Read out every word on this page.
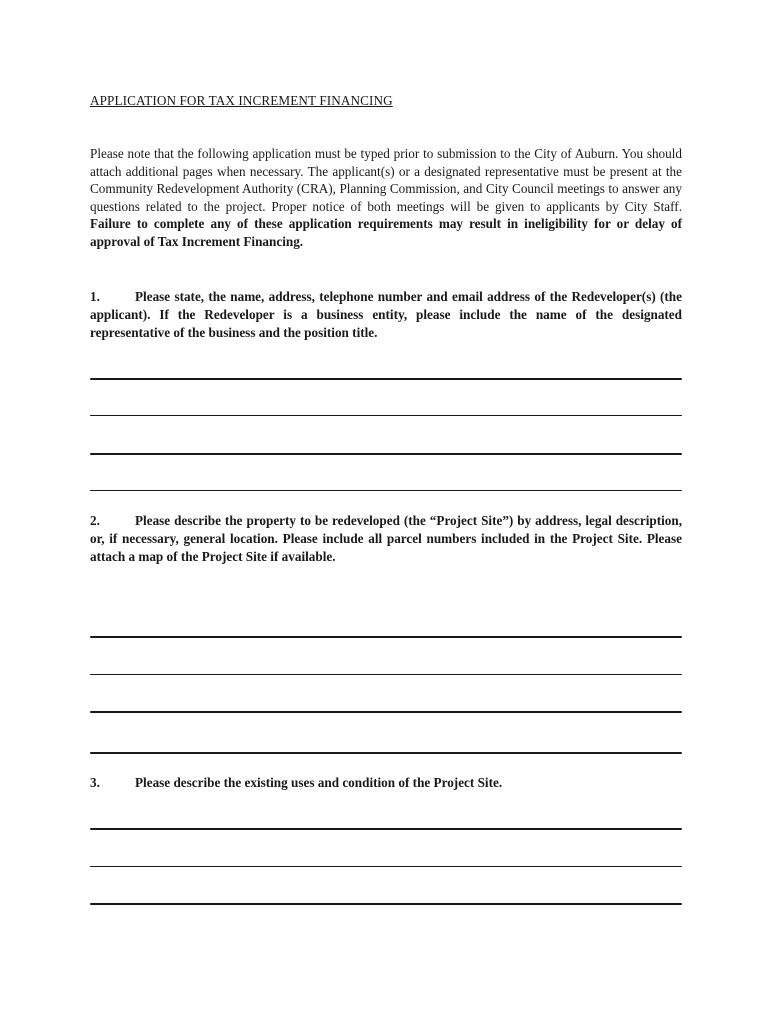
APPLICATION FOR TAX INCREMENT FINANCING
Please note that the following application must be typed prior to submission to the City of Auburn. You should attach additional pages when necessary. The applicant(s) or a designated representative must be present at the Community Redevelopment Authority (CRA), Planning Commission, and City Council meetings to answer any questions related to the project. Proper notice of both meetings will be given to applicants by City Staff. Failure to complete any of these application requirements may result in ineligibility for or delay of approval of Tax Increment Financing.
1.	Please state, the name, address, telephone number and email address of the Redeveloper(s) (the applicant). If the Redeveloper is a business entity, please include the name of the designated representative of the business and the position title.
2.	Please describe the property to be redeveloped (the “Project Site”) by address, legal description, or, if necessary, general location. Please include all parcel numbers included in the Project Site. Please attach a map of the Project Site if available.
3.	Please describe the existing uses and condition of the Project Site.
